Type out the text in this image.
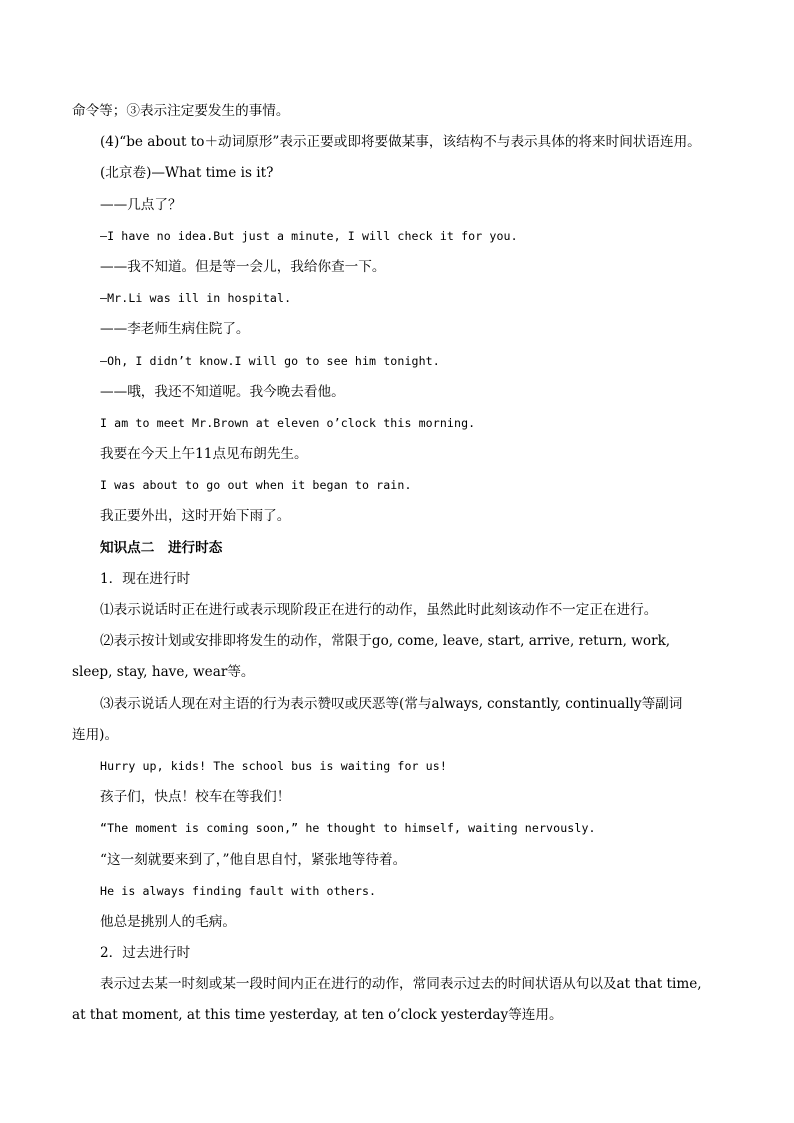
命令等；③表示注定要发生的事情。
(4)“be about to＋动词原形”表示正要或即将要做某事，该结构不与表示具体的将来时间状语连用。
(北京卷)—What time is it?
——几点了？
—I have no idea.But just a minute, I will check it for you.
——我不知道。但是等一会儿，我给你查一下。
—Mr.Li was ill in hospital.
——李老师生病住院了。
—Oh, I didn’t know.I will go to see him tonight.
——哦，我还不知道呢。我今晚去看他。
I am to meet Mr.Brown at eleven o’clock this morning.
我要在今天上午11点见布朗先生。
I was about to go out when it began to rain.
我正要外出，这时开始下雨了。
知识点二　进行时态
1．现在进行时
⑴表示说话时正在进行或表示现阶段正在进行的动作，虽然此时此刻该动作不一定正在进行。
⑵表示按计划或安排即将发生的动作，常限于go, come, leave, start, arrive, return, work,
sleep, stay, have, wear等。
⑶表示说话人现在对主语的行为表示赞叹或厌恶等(常与always, constantly, continually等副词
连用)。
Hurry up, kids! The school bus is waiting for us!
孩子们，快点！校车在等我们！
“The moment is coming soon,” he thought to himself, waiting nervously.
“这一刻就要来到了，”他自思自忖，紧张地等待着。
He is always finding fault with others.
他总是挑别人的毛病。
2．过去进行时
表示过去某一时刻或某一段时间内正在进行的动作，常同表示过去的时间状语从句以及at that time,
at that moment, at this time yesterday, at ten o’clock yesterday等连用。
